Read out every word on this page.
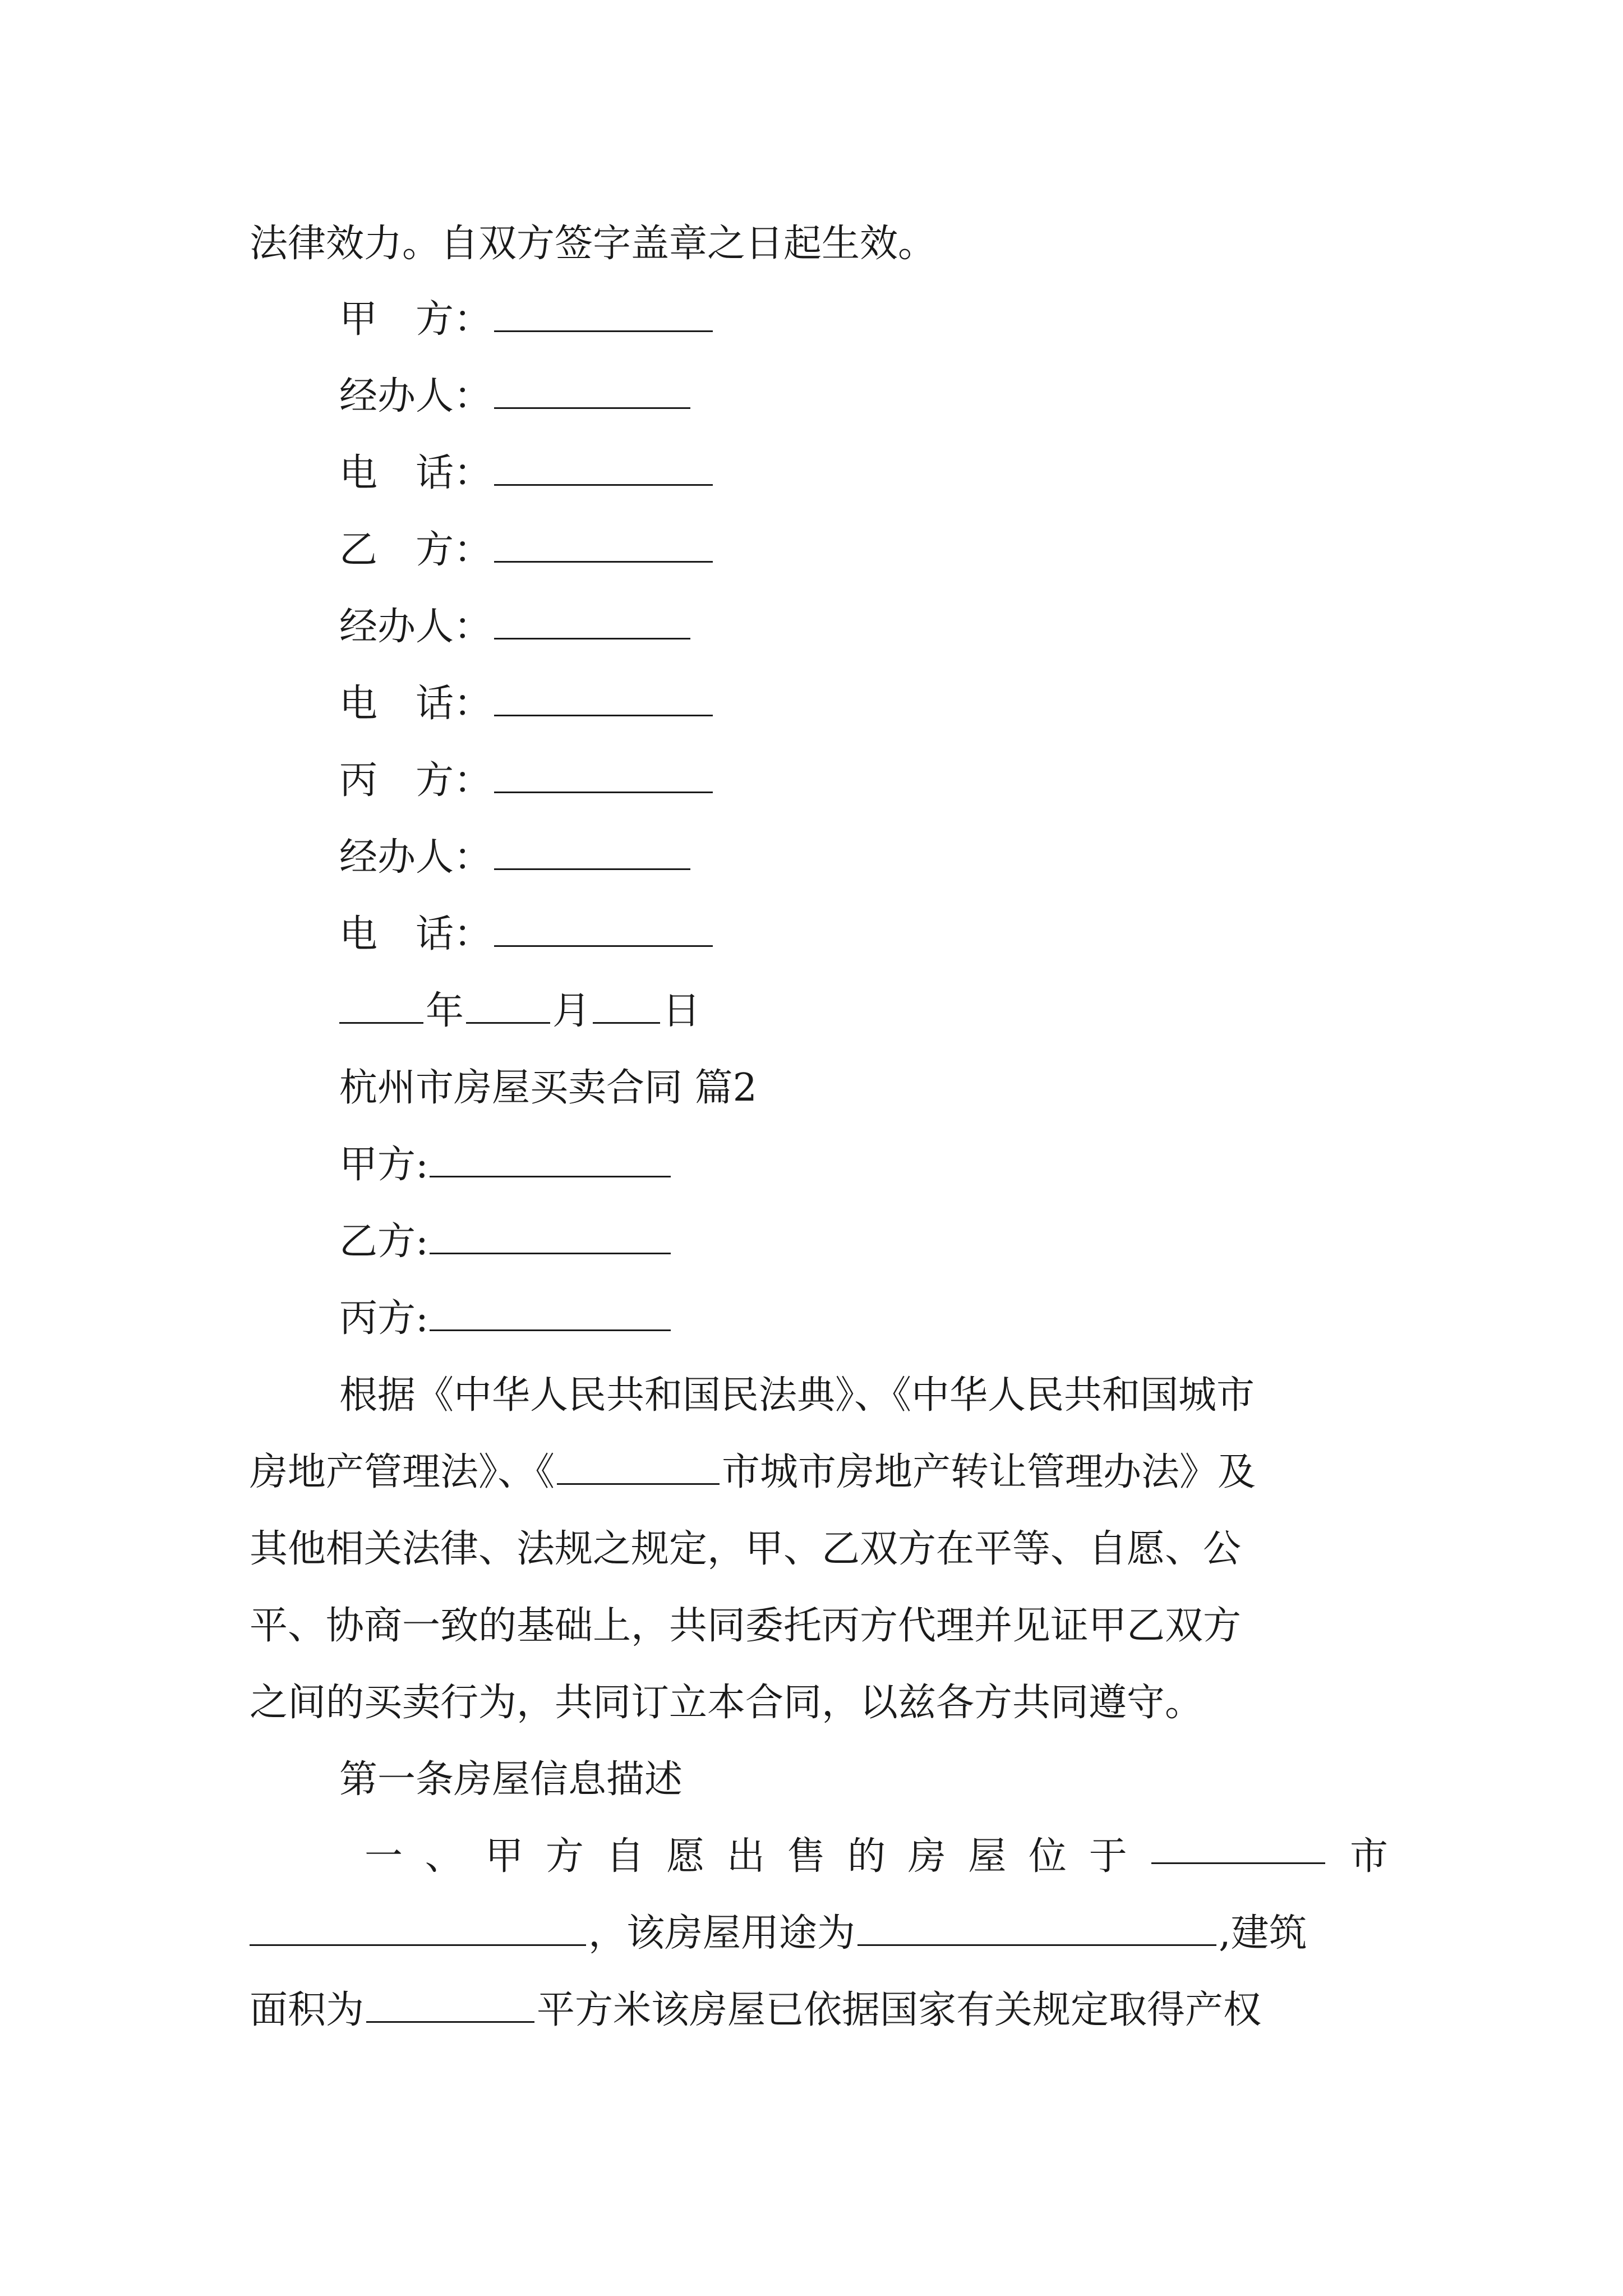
法律效力。自双方签字盖章之日起生效。
甲　方：
经办人：
电　话：
乙　方：
经办人：
电　话：
丙　方：
经办人：
电　话：
年 月 日
杭州市房屋买卖合同 篇2
甲方:
乙方:
丙方:
根据《中华人民共和国民法典》、《中华人民共和国城市
房地产管理法》、《	市城市房地产转让管理办法》及
其他相关法律、法规之规定，甲、乙双方在平等、自愿、公
平、协商一致的基础上，共同委托丙方代理并见证甲乙双方
之间的买卖行为，共同订立本合同，以兹各方共同遵守。
第一条房屋信息描述
一 、 甲 方 自 愿 出 售 的 房 屋 位 于	市
，该房屋用途为	,建筑
面积为	平方米该房屋已依据国家有关规定取得产权
